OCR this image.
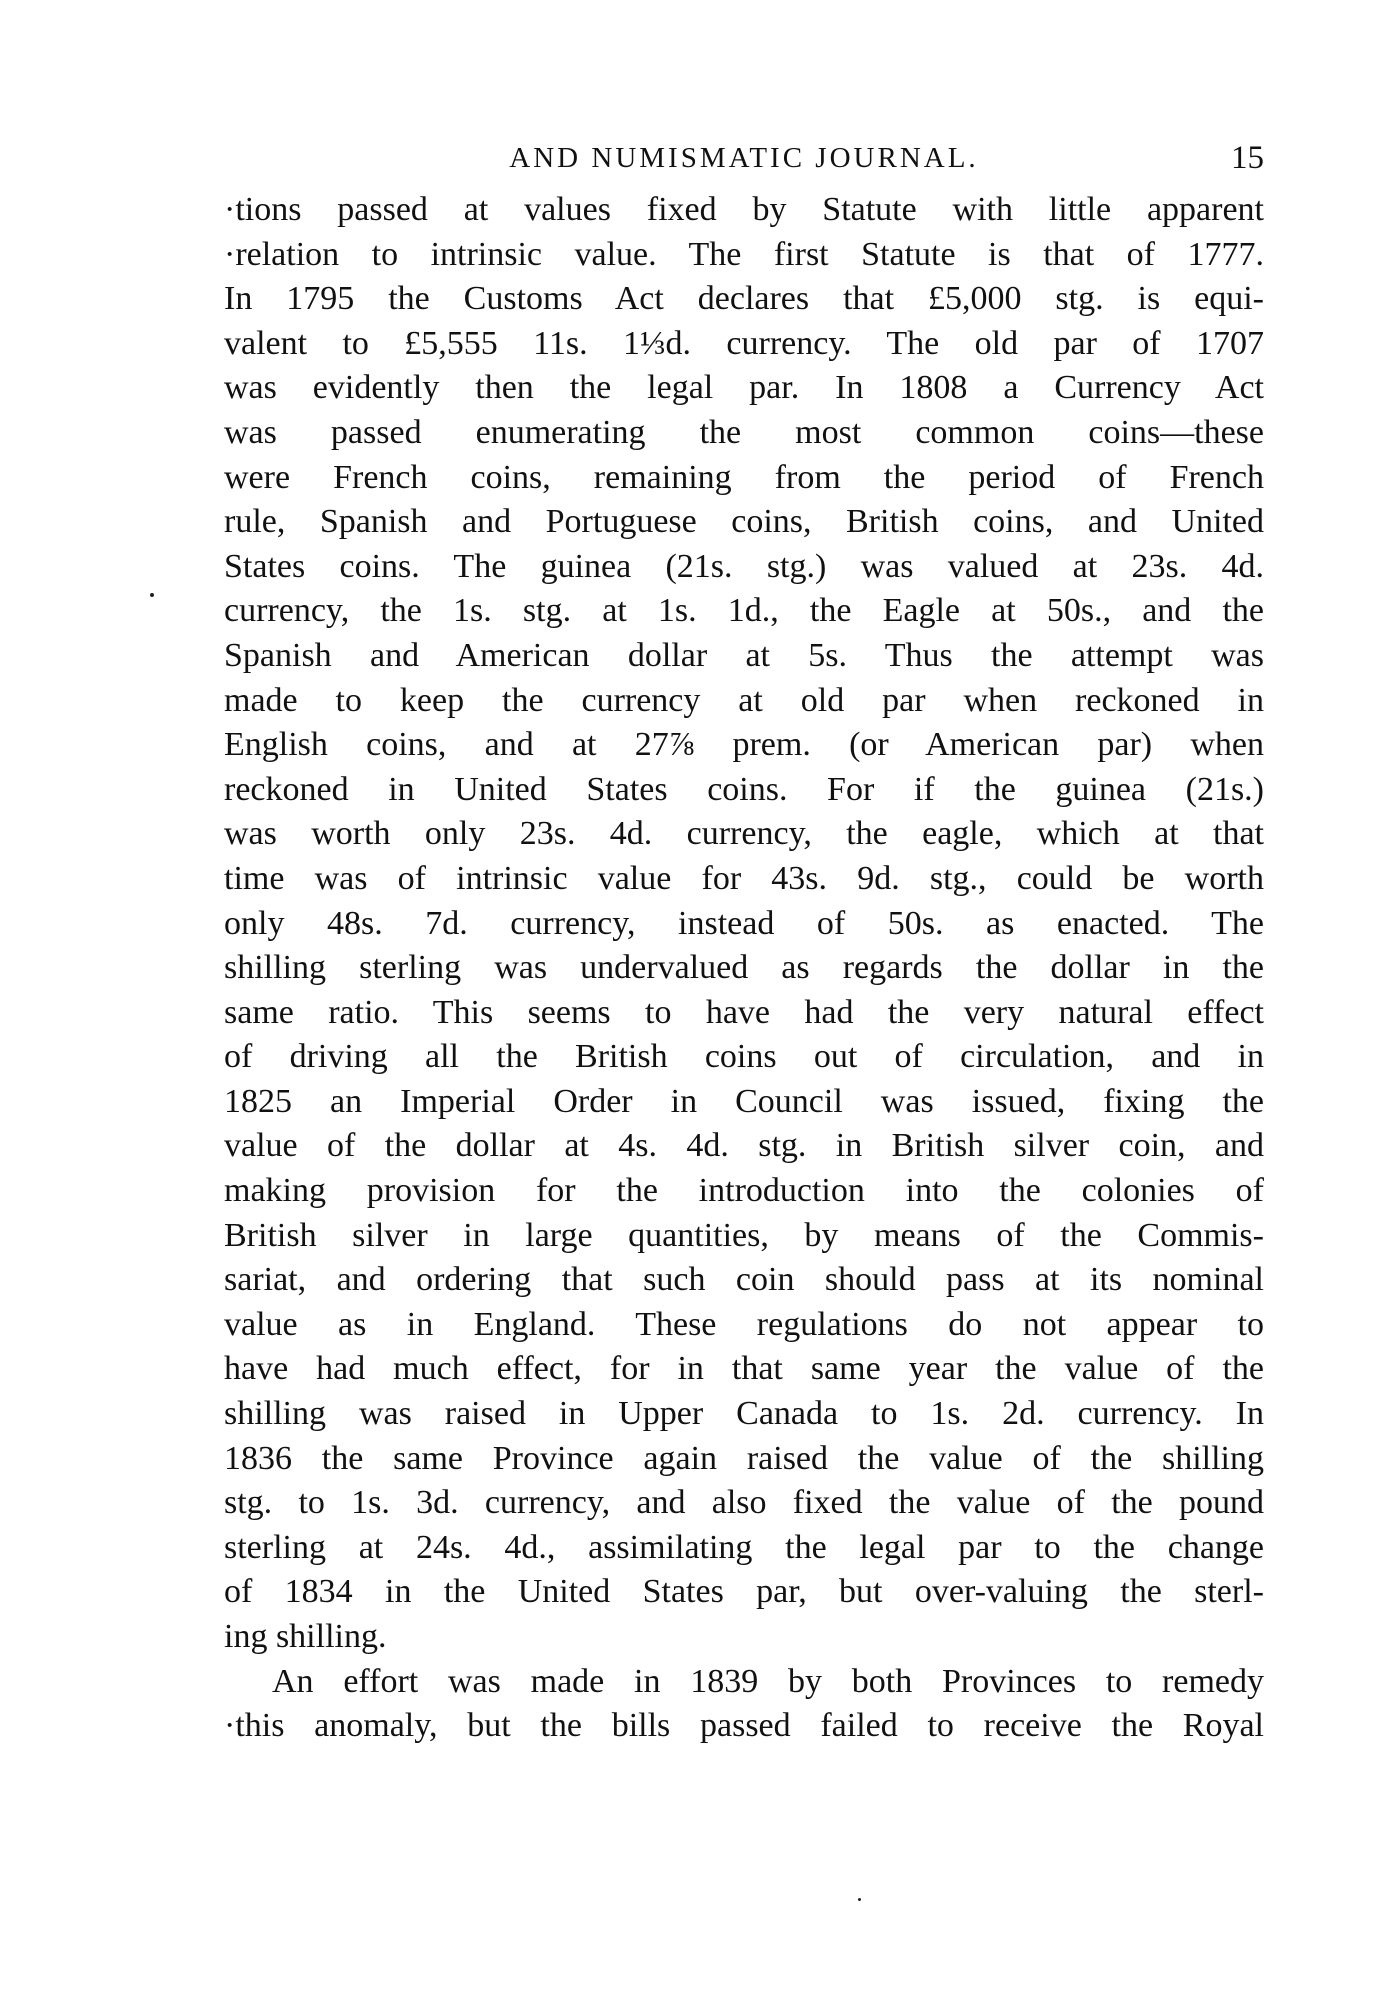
AND NUMISMATIC JOURNAL.	15
·tions passed at values fixed by Statute with little apparent
·relation to intrinsic value. The first Statute is that of 1777.
In 1795 the Customs Act declares that £5,000 stg. is equi-
valent to £5,555 11s. 1⅓d. currency. The old par of 1707
was evidently then the legal par. In 1808 a Currency Act
was passed enumerating the most common coins—these
were French coins, remaining from the period of French
rule, Spanish and Portuguese coins, British coins, and United
States coins. The guinea (21s. stg.) was valued at 23s. 4d.
currency, the 1s. stg. at 1s. 1d., the Eagle at 50s., and the
Spanish and American dollar at 5s. Thus the attempt was
made to keep the currency at old par when reckoned in
English coins, and at 27⅞ prem. (or American par) when
reckoned in United States coins. For if the guinea (21s.)
was worth only 23s. 4d. currency, the eagle, which at that
time was of intrinsic value for 43s. 9d. stg., could be worth
only 48s. 7d. currency, instead of 50s. as enacted. The
shilling sterling was undervalued as regards the dollar in the
same ratio. This seems to have had the very natural effect
of driving all the British coins out of circulation, and in
1825 an Imperial Order in Council was issued, fixing the
value of the dollar at 4s. 4d. stg. in British silver coin, and
making provision for the introduction into the colonies of
British silver in large quantities, by means of the Commis-
sariat, and ordering that such coin should pass at its nominal
value as in England. These regulations do not appear to
have had much effect, for in that same year the value of the
shilling was raised in Upper Canada to 1s. 2d. currency. In
1836 the same Province again raised the value of the shilling
stg. to 1s. 3d. currency, and also fixed the value of the pound
sterling at 24s. 4d., assimilating the legal par to the change
of 1834 in the United States par, but over-valuing the sterl-
ing shilling.
An effort was made in 1839 by both Provinces to remedy
·this anomaly, but the bills passed failed to receive the Royal
